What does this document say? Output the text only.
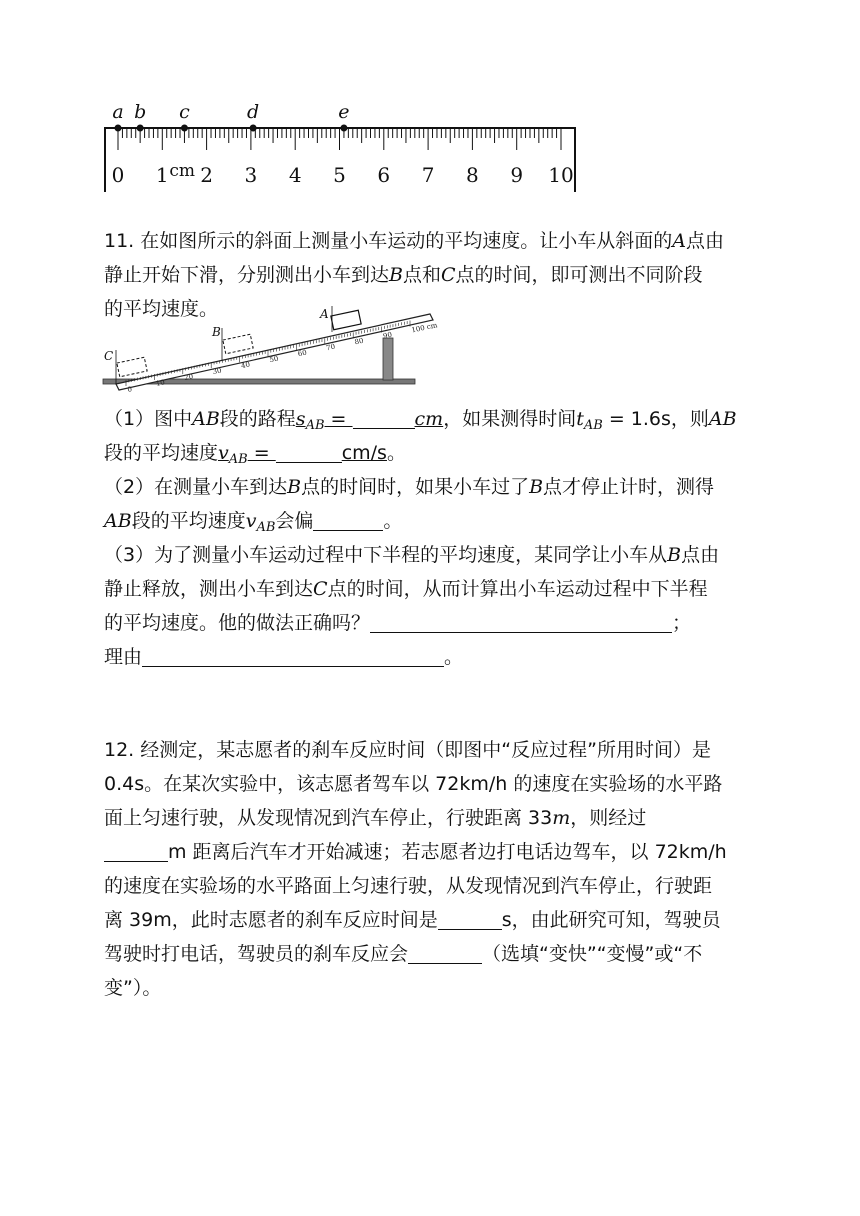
0 1 2 3 4 5 6 7 8 9 10
cm
a b c	d	e
0
10
20
30
40
50
60
70
80
90
100 cm
A
B
C
11. 在如图所示的斜面上测量小车运动的平均速度。让小车从斜面的A点由
静止开始下滑，分别测出小车到达B点和C点的时间，即可测出不同阶段
的平均速度。
（1）图中AB段的路程$s_{AB}$ =	cm，如果测得时间$t_{AB} = 1.6s$，则AB
段的平均速度$v_{AB}$ =	cm/s。
（2）在测量小车到达B点的时间时，如果小车过了B点才停止计时，测得
AB段的平均速度$v_{AB}$会偏	。
（3）为了测量小车运动过程中下半程的平均速度，某同学让小车从B点由
静止释放，测出小车到达C点的时间，从而计算出小车运动过程中下半程
的平均速度。他的做法正确吗？	；
理由	。
12. 经测定，某志愿者的刹车反应时间（即图中“反应过程”所用时间）是
0.4s。在某次实验中，该志愿者驾车以 72km/h 的速度在实验场的水平路
面上匀速行驶，从发现情况到汽车停止，行驶距离 33m，则经过
m 距离后汽车才开始减速；若志愿者边打电话边驾车，以 72km/h
的速度在实验场的水平路面上匀速行驶，从发现情况到汽车停止，行驶距
离 39m，此时志愿者的刹车反应时间是	s，由此研究可知，驾驶员
驾驶时打电话，驾驶员的刹车反应会	（选填“变快”“变慢”或“不
变”）。
